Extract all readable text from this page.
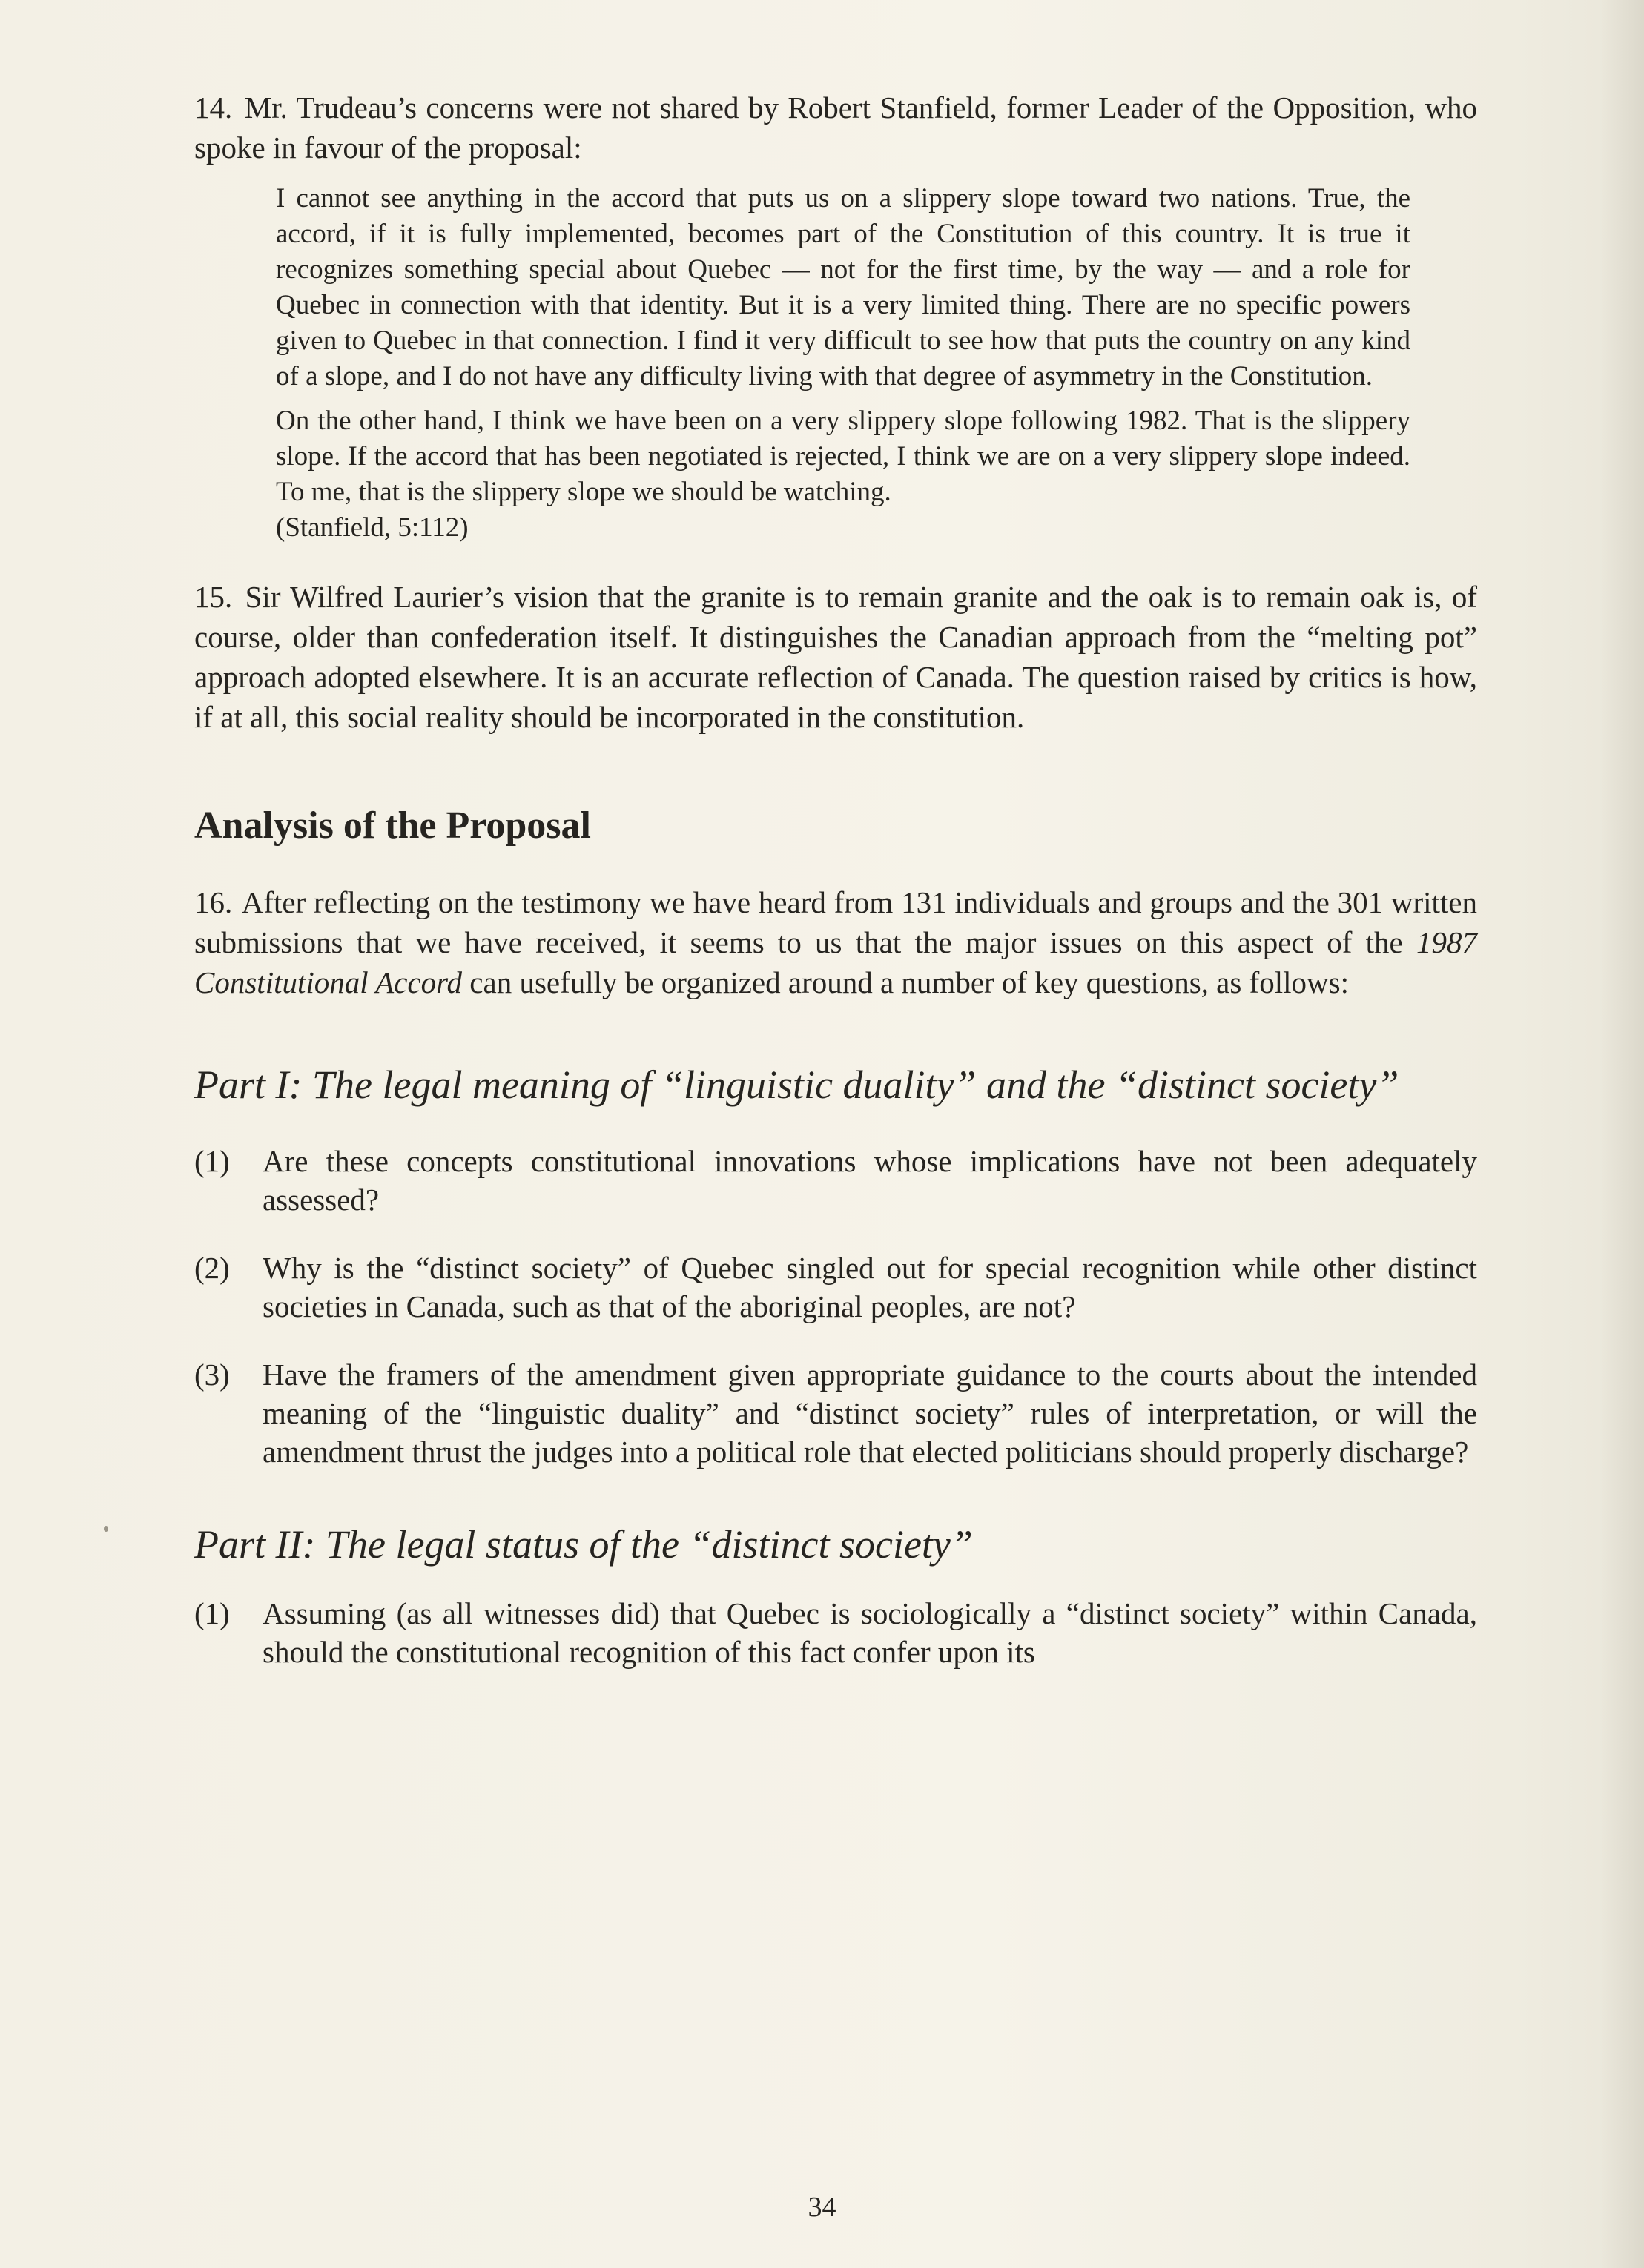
14. Mr. Trudeau’s concerns were not shared by Robert Stanfield, former Leader of the Opposition, who spoke in favour of the proposal:

I cannot see anything in the accord that puts us on a slippery slope toward two nations. True, the accord, if it is fully implemented, becomes part of the Constitution of this country. It is true it recognizes something special about Quebec — not for the first time, by the way — and a role for Quebec in connection with that identity. But it is a very limited thing. There are no specific powers given to Quebec in that connection. I find it very difficult to see how that puts the country on any kind of a slope, and I do not have any difficulty living with that degree of asymmetry in the Constitution.

On the other hand, I think we have been on a very slippery slope following 1982. That is the slippery slope. If the accord that has been negotiated is rejected, I think we are on a very slippery slope indeed. To me, that is the slippery slope we should be watching.

(Stanfield, 5:112)

15. Sir Wilfred Laurier’s vision that the granite is to remain granite and the oak is to remain oak is, of course, older than confederation itself. It distinguishes the Canadian approach from the “melting pot” approach adopted elsewhere. It is an accurate reflection of Canada. The question raised by critics is how, if at all, this social reality should be incorporated in the constitution.

Analysis of the Proposal

16. After reflecting on the testimony we have heard from 131 individuals and groups and the 301 written submissions that we have received, it seems to us that the major issues on this aspect of the 1987 Constitutional Accord can usefully be organized around a number of key questions, as follows:

Part I: The legal meaning of “linguistic duality” and the “distinct society”
(1)	Are these concepts constitutional innovations whose implications have not been adequately assessed?
(2)	Why is the “distinct society” of Quebec singled out for special recognition while other distinct societies in Canada, such as that of the aboriginal peoples, are not?
(3)	Have the framers of the amendment given appropriate guidance to the courts about the intended meaning of the “linguistic duality” and “distinct society” rules of interpretation, or will the amendment thrust the judges into a political role that elected politicians should properly discharge?
Part II: The legal status of the “distinct society”
(1)	Assuming (as all witnesses did) that Quebec is sociologically a “distinct society” within Canada, should the constitutional recognition of this fact confer upon its
34
